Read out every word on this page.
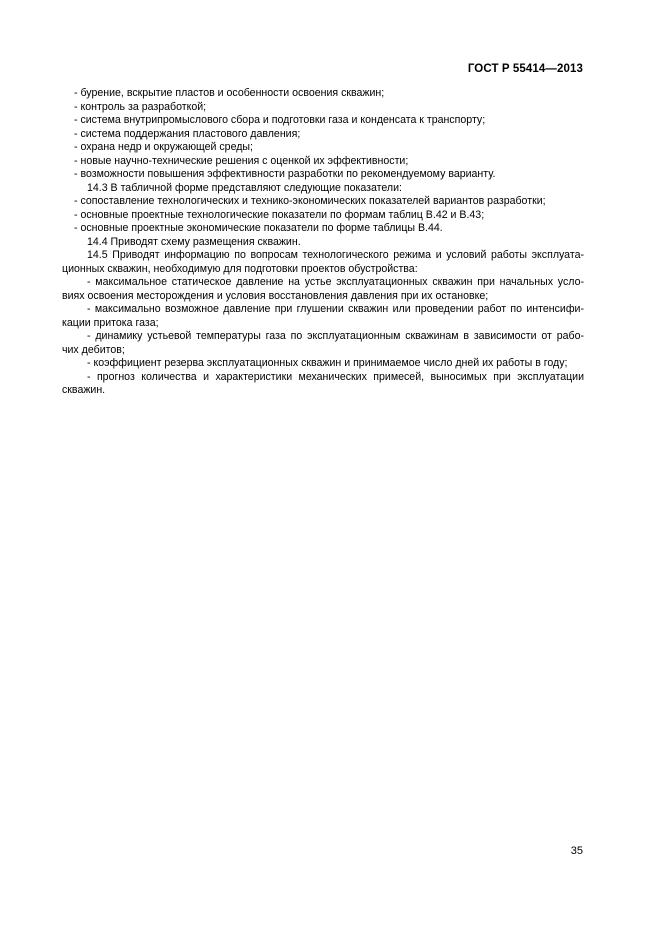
ГОСТ Р 55414—2013
- бурение, вскрытие пластов и особенности освоения скважин;
- контроль за разработкой;
- система внутрипромыслового сбора и подготовки газа и конденсата к транспорту;
- система поддержания пластового давления;
- охрана недр и окружающей среды;
- новые научно-технические решения с оценкой их эффективности;
- возможности повышения эффективности разработки по рекомендуемому варианту.
14.3 В табличной форме представляют следующие показатели:
- сопоставление технологических и технико-экономических показателей вариантов разработки;
- основные проектные технологические показатели по формам таблиц В.42 и В.43;
- основные проектные экономические показатели по форме таблицы В.44.
14.4 Приводят схему размещения скважин.
14.5 Приводят информацию по вопросам технологического режима и условий работы эксплуата-
ционных скважин, необходимую для подготовки проектов обустройства:
- максимальное статическое давление на устье эксплуатационных скважин при начальных усло-
виях освоения месторождения и условия восстановления давления при их остановке;
- максимально возможное давление при глушении скважин или проведении работ по интенсифи-
кации притока газа;
- динамику устьевой температуры газа по эксплуатационным скважинам в зависимости от рабо-
чих дебитов;
- коэффициент резерва эксплуатационных скважин и принимаемое число дней их работы в году;
- прогноз количества и характеристики механических примесей, выносимых при эксплуатации
скважин.
35
